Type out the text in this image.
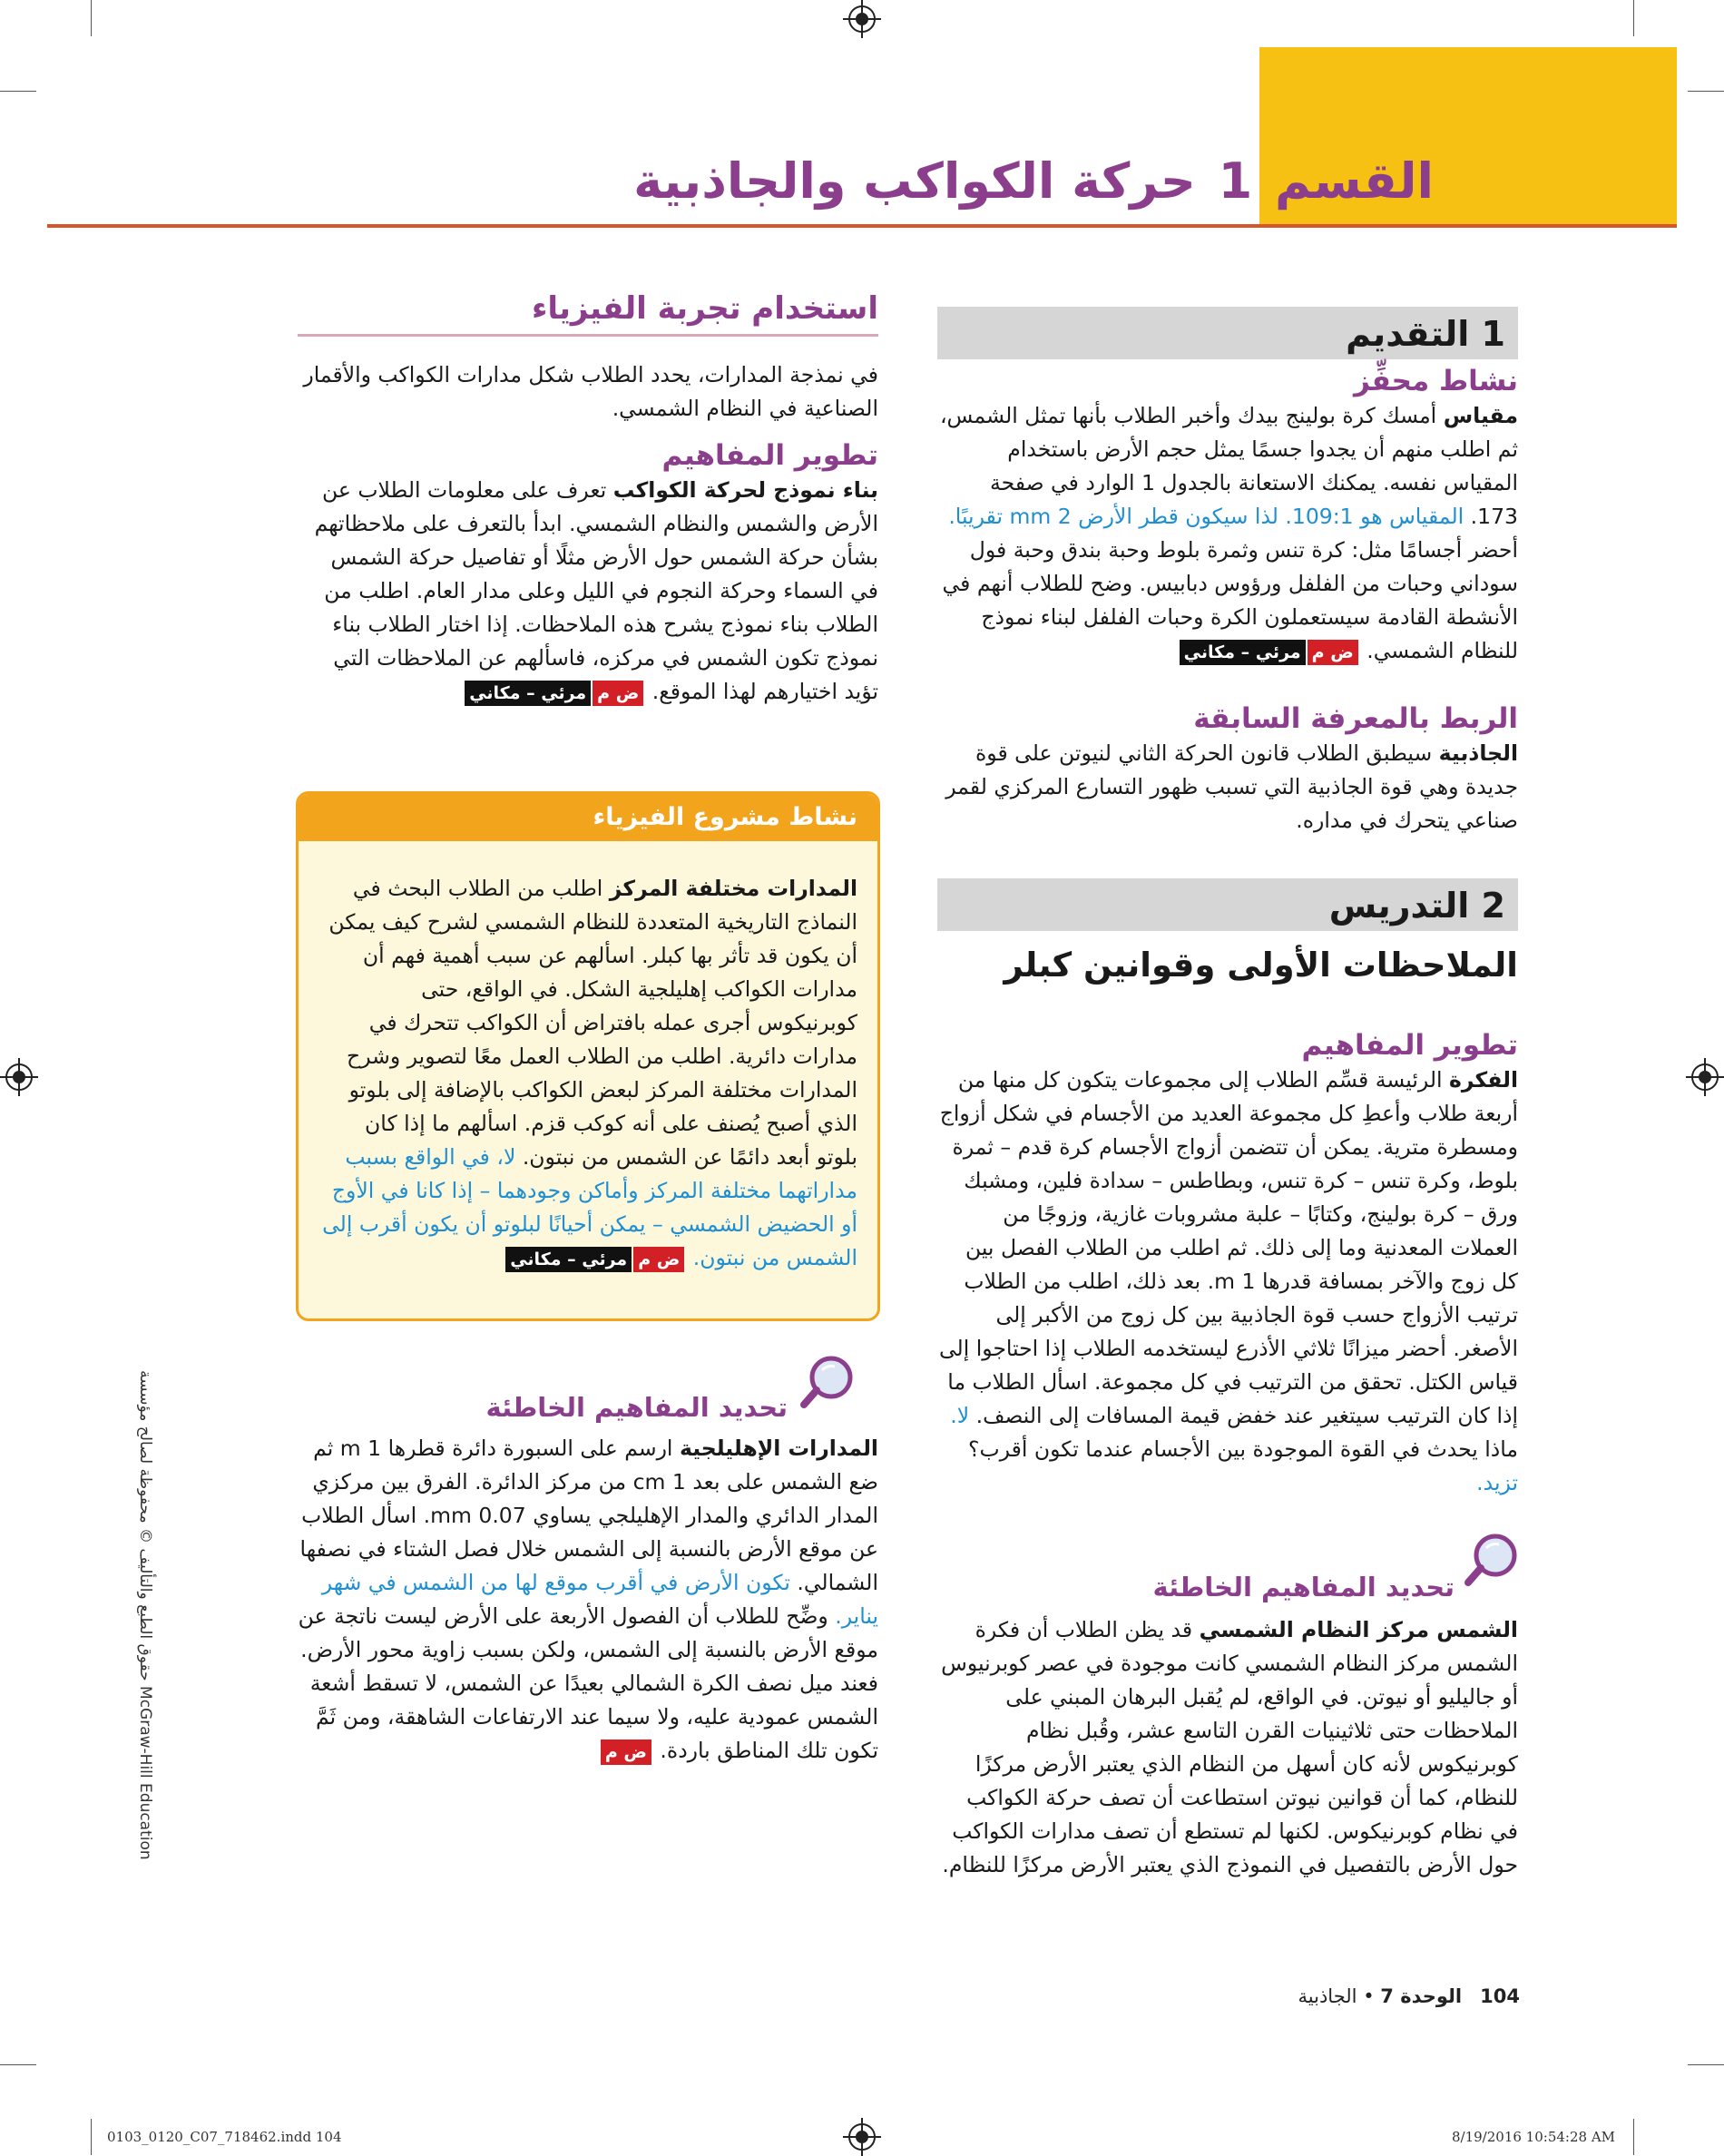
القسم 1 حركة الكواكب والجاذبية
1 التقديم
نشاط محفِّز
مقياس أمسك كرة بولينج بيدك وأخبر الطلاب بأنها تمثل الشمس، ثم اطلب منهم أن يجدوا جسمًا يمثل حجم الأرض باستخدام المقياس نفسه. يمكنك الاستعانة بالجدول 1 الوارد في صفحة 173. المقياس هو 109:1. لذا سيكون قطر الأرض 2 mm تقريبًا. أحضر أجسامًا مثل: كرة تنس وثمرة بلوط وحبة بندق وحبة فول سوداني وحبات من الفلفل ورؤوس دبابيس. وضح للطلاب أنهم في الأنشطة القادمة سيستعملون الكرة وحبات الفلفل لبناء نموذج للنظام الشمسي. ض ممرئي – مكاني
الربط بالمعرفة السابقة
الجاذبية سيطبق الطلاب قانون الحركة الثاني لنيوتن على قوة جديدة وهي قوة الجاذبية التي تسبب ظهور التسارع المركزي لقمر صناعي يتحرك في مداره.
2 التدريس
الملاحظات الأولى وقوانين كبلر
تطوير المفاهيم
الفكرة الرئيسة قسِّم الطلاب إلى مجموعات يتكون كل منها من أربعة طلاب وأعطِ كل مجموعة العديد من الأجسام في شكل أزواج ومسطرة مترية. يمكن أن تتضمن أزواج الأجسام كرة قدم – ثمرة بلوط، وكرة تنس – كرة تنس، وبطاطس – سدادة فلين، ومشبك ورق – كرة بولينج، وكتابًا – علبة مشروبات غازية، وزوجًا من العملات المعدنية وما إلى ذلك. ثم اطلب من الطلاب الفصل بين كل زوج والآخر بمسافة قدرها 1 m. بعد ذلك، اطلب من الطلاب ترتيب الأزواج حسب قوة الجاذبية بين كل زوج من الأكبر إلى الأصغر. أحضر ميزانًا ثلاثي الأذرع ليستخدمه الطلاب إذا احتاجوا إلى قياس الكتل. تحقق من الترتيب في كل مجموعة. اسأل الطلاب ما إذا كان الترتيب سيتغير عند خفض قيمة المسافات إلى النصف. لا. ماذا يحدث في القوة الموجودة بين الأجسام عندما تكون أقرب؟ تزيد.
تحديد المفاهيم الخاطئة
الشمس مركز النظام الشمسي قد يظن الطلاب أن فكرة الشمس مركز النظام الشمسي كانت موجودة في عصر كوبرنيوس أو جاليليو أو نيوتن. في الواقع، لم يُقبل البرهان المبني على الملاحظات حتى ثلاثينيات القرن التاسع عشر، وقُبل نظام كوبرنيكوس لأنه كان أسهل من النظام الذي يعتبر الأرض مركزًا للنظام، كما أن قوانين نيوتن استطاعت أن تصف حركة الكواكب في نظام كوبرنيكوس. لكنها لم تستطع أن تصف مدارات الكواكب حول الأرض بالتفصيل في النموذج الذي يعتبر الأرض مركزًا للنظام.
استخدام تجربة الفيزياء
في نمذجة المدارات، يحدد الطلاب شكل مدارات الكواكب والأقمار الصناعية في النظام الشمسي.
تطوير المفاهيم
بناء نموذج لحركة الكواكب تعرف على معلومات الطلاب عن الأرض والشمس والنظام الشمسي. ابدأ بالتعرف على ملاحظاتهم بشأن حركة الشمس حول الأرض مثلًا أو تفاصيل حركة الشمس في السماء وحركة النجوم في الليل وعلى مدار العام. اطلب من الطلاب بناء نموذج يشرح هذه الملاحظات. إذا اختار الطلاب بناء نموذج تكون الشمس في مركزه، فاسألهم عن الملاحظات التي تؤيد اختيارهم لهذا الموقع. ض ممرئي – مكاني
نشاط مشروع الفيزياء
المدارات مختلفة المركز اطلب من الطلاب البحث في النماذج التاريخية المتعددة للنظام الشمسي لشرح كيف يمكن أن يكون قد تأثر بها كبلر. اسألهم عن سبب أهمية فهم أن مدارات الكواكب إهليلجية الشكل. في الواقع، حتى كوبرنيكوس أجرى عمله بافتراض أن الكواكب تتحرك في مدارات دائرية. اطلب من الطلاب العمل معًا لتصوير وشرح المدارات مختلفة المركز لبعض الكواكب بالإضافة إلى بلوتو الذي أصبح يُصنف على أنه كوكب قزم. اسألهم ما إذا كان بلوتو أبعد دائمًا عن الشمس من نبتون. لا، في الواقع بسبب مداراتهما مختلفة المركز وأماكن وجودهما – إذا كانا في الأوج أو الحضيض الشمسي – يمكن أحيانًا لبلوتو أن يكون أقرب إلى الشمس من نبتون. ض ممرئي – مكاني
تحديد المفاهيم الخاطئة
المدارات الإهليلجية ارسم على السبورة دائرة قطرها 1 m ثم ضع الشمس على بعد 1 cm من مركز الدائرة. الفرق بين مركزي المدار الدائري والمدار الإهليلجي يساوي 0.07 mm. اسأل الطلاب عن موقع الأرض بالنسبة إلى الشمس خلال فصل الشتاء في نصفها الشمالي. تكون الأرض في أقرب موقع لها من الشمس في شهر يناير. وضِّح للطلاب أن الفصول الأربعة على الأرض ليست ناتجة عن موقع الأرض بالنسبة إلى الشمس، ولكن بسبب زاوية محور الأرض. فعند ميل نصف الكرة الشمالي بعيدًا عن الشمس، لا تسقط أشعة الشمس عمودية عليه، ولا سيما عند الارتفاعات الشاهقة، ومن ثَمَّ تكون تلك المناطق باردة. ض م
حقوق الطبع والتأليف © محفوظة لصالح مؤسسة McGraw-Hill Education
104   الوحدة 7 • الجاذبية
0103_0120_C07_718462.indd 104	8/19/2016 10:54:28 AM
